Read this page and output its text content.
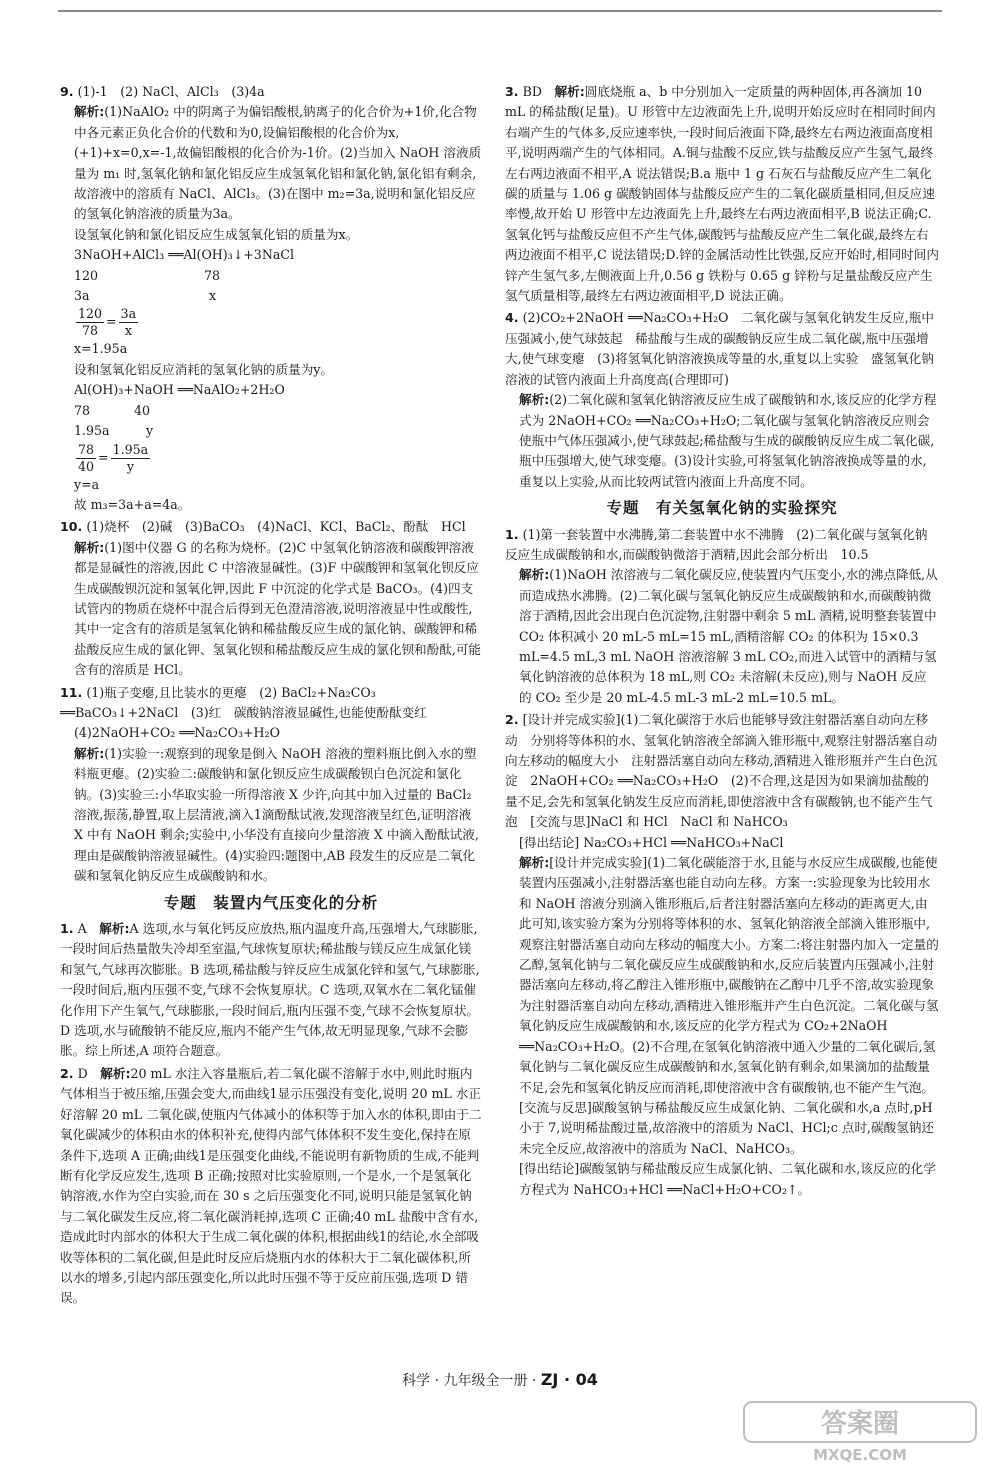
9. (1)-1　(2) NaCl、AlCl₃　(3)4a
解析:(1)NaAlO₂ 中的阴离子为偏铝酸根,钠离子的化合价为+1价,化合物中各元素正负化合价的代数和为0,设偏铝酸根的化合价为x,(+1)+x=0,x=-1,故偏铝酸根的化合价为-1价。(2)当加入 NaOH 溶液质量为 m₁ 时,氢氧化钠和氯化铝反应生成氢氧化铝和氯化钠,氯化铝有剩余,故溶液中的溶质有 NaCl、AlCl₃。(3)在图中 m₂=3a,说明和氯化铝反应的氢氧化钠溶液的质量为3a。
设氢氧化钠和氯化铝反应生成氢氧化铝的质量为x。
3NaOH+AlCl₃ ══Al(OH)₃↓+3NaCl
120	78
3a	x
$\frac{120}{78} = \frac{3a}{x}$
x=1.95a
设和氢氧化铝反应消耗的氢氧化钠的质量为y。
Al(OH)₃+NaOH ══NaAlO₂+2H₂O
78	40
1.95a	y
$\frac{78}{40} = \frac{1.95a}{y}$
y=a
故 m₃=3a+a=4a。
10. (1)烧杯　(2)碱　(3)BaCO₃　(4)NaCl、KCl、BaCl₂、酚酞　HCl
解析:(1)图中仪器 G 的名称为烧杯。(2)C 中氢氧化钠溶液和碳酸钾溶液都是显碱性的溶液,因此 C 中溶液显碱性。(3)F 中碳酸钾和氢氧化钡反应生成碳酸钡沉淀和氢氧化钾,因此 F 中沉淀的化学式是 BaCO₃。(4)四支试管内的物质在烧杯中混合后得到无色澄清溶液,说明溶液显中性或酸性,其中一定含有的溶质是氢氧化钠和稀盐酸反应生成的氯化钠、碳酸钾和稀盐酸反应生成的氯化钾、氢氧化钡和稀盐酸反应生成的氯化钡和酚酞,可能含有的溶质是 HCl。
11. (1)瓶子变瘪,且比装水的更瘪　(2) BaCl₂+Na₂CO₃ ══BaCO₃↓+2NaCl　(3)红　碳酸钠溶液显碱性,也能使酚酞变红
(4)2NaOH+CO₂ ══Na₂CO₃+H₂O
解析:(1)实验一:观察到的现象是倒入 NaOH 溶液的塑料瓶比倒入水的塑料瓶更瘪。(2)实验二:碳酸钠和氯化钡反应生成碳酸钡白色沉淀和氯化钠。(3)实验三:小华取实验一所得溶液 X 少许,向其中加入过量的 BaCl₂ 溶液,振荡,静置,取上层清液,滴入1滴酚酞试液,发现溶液呈红色,证明溶液 X 中有 NaOH 剩余;实验中,小华没有直接向少量溶液 X 中滴入酚酞试液,理由是碳酸钠溶液显碱性。(4)实验四:题图中,AB 段发生的反应是二氧化碳和氢氧化钠反应生成碳酸钠和水。
专题　装置内气压变化的分析
1. A　 解析:A 选项,水与氧化钙反应放热,瓶内温度升高,压强增大,气球膨胀,一段时间后热量散失冷却至室温,气球恢复原状;稀盐酸与镁反应生成氯化镁和氢气,气球再次膨胀。B 选项,稀盐酸与锌反应生成氯化锌和氢气,气球膨胀,一段时间后,瓶内压强不变,气球不会恢复原状。C 选项,双氧水在二氧化锰催化作用下产生氧气,气球膨胀,一段时间后,瓶内压强不变,气球不会恢复原状。D 选项,水与硫酸钠不能反应,瓶内不能产生气体,故无明显现象,气球不会膨胀。综上所述,A 项符合题意。
2. D　 解析:20 mL 水注入容量瓶后,若二氧化碳不溶解于水中,则此时瓶内气体相当于被压缩,压强会变大,而曲线1显示压强没有变化,说明 20 mL 水正好溶解 20 mL 二氧化碳,使瓶内气体减小的体积等于加入水的体积,即由于二氧化碳减少的体积由水的体积补充,使得内部气体体积不发生变化,保持在原条件下,选项 A 正确;曲线1是压强变化曲线,不能说明有新物质的生成,不能判断有化学反应发生,选项 B 正确;按照对比实验原则,一个是水,一个是氢氧化钠溶液,水作为空白实验,而在 30 s 之后压强变化不同,说明只能是氢氧化钠与二氧化碳发生反应,将二氧化碳消耗掉,选项 C 正确;40 mL 盐酸中含有水,造成此时内部水的体积大于生成二氧化碳的体积,根据曲线1的结论,水全部吸收等体积的二氧化碳,但是此时反应后烧瓶内水的体积大于二氧化碳体积,所以水的增多,引起内部压强变化,所以此时压强不等于反应前压强,选项 D 错误。
3. BD　 解析:圆底烧瓶 a、b 中分别加入一定质量的两种固体,再各滴加 10 mL 的稀盐酸(足量)。U 形管中左边液面先上升,说明开始反应时在相同时间内右端产生的气体多,反应速率快,一段时间后液面下降,最终左右两边液面高度相平,说明两端产生的气体相同。A.铜与盐酸不反应,铁与盐酸反应产生氢气,最终左右两边液面不相平,A 说法错误;B.a 瓶中 1 g 石灰石与盐酸反应产生二氧化碳的质量与 1.06 g 碳酸钠固体与盐酸反应产生的二氧化碳质量相同,但反应速率慢,故开始 U 形管中左边液面先上升,最终左右两边液面相平,B 说法正确;C.氢氧化钙与盐酸反应但不产生气体,碳酸钙与盐酸反应产生二氧化碳,最终左右两边液面不相平,C 说法错误;D.锌的金属活动性比铁强,反应开始时,相同时间内锌产生氢气多,左侧液面上升,0.56 g 铁粉与 0.65 g 锌粉与足量盐酸反应产生氢气质量相等,最终左右两边液面相平,D 说法正确。
4. (2)CO₂+2NaOH ══Na₂CO₃+H₂O　二氧化碳与氢氧化钠发生反应,瓶中压强减小,使气球鼓起　稀盐酸与生成的碳酸钠反应生成二氧化碳,瓶中压强增大,使气球变瘪　(3)将氢氧化钠溶液换成等量的水,重复以上实验　盛氢氧化钠溶液的试管内液面上升高度高(合理即可)
解析:(2)二氧化碳和氢氧化钠溶液反应生成了碳酸钠和水,该反应的化学方程式为 2NaOH+CO₂ ══Na₂CO₃+H₂O;二氧化碳与氢氧化钠溶液反应则会使瓶中气体压强减小,使气球鼓起;稀盐酸与生成的碳酸钠反应生成二氧化碳,瓶中压强增大,使气球变瘪。(3)设计实验,可将氢氧化钠溶液换成等量的水,重复以上实验,从而比较两试管内液面上升高度不同。
专题　有关氢氧化钠的实验探究
1. (1)第一套装置中水沸腾,第二套装置中水不沸腾　(2)二氧化碳与氢氧化钠反应生成碳酸钠和水,而碳酸钠微溶于酒精,因此会部分析出　10.5
解析:(1)NaOH 浓溶液与二氧化碳反应,使装置内气压变小,水的沸点降低,从而造成热水沸腾。(2)二氧化碳与氢氧化钠反应生成碳酸钠和水,而碳酸钠微溶于酒精,因此会出现白色沉淀物,注射器中剩余 5 mL 酒精,说明整套装置中 CO₂ 体积减小 20 mL-5 mL=15 mL,酒精溶解 CO₂ 的体积为 15×0.3 mL=4.5 mL,3 mL NaOH 溶液溶解 3 mL CO₂,而进入试管中的酒精与氢氧化钠溶液的总体积为 18 mL,则 CO₂ 未溶解(未反应),则与 NaOH 反应的 CO₂ 至少是 20 mL-4.5 mL-3 mL-2 mL=10.5 mL。
2. [设计并完成实验](1)二氧化碳溶于水后也能够导致注射器活塞自动向左移动　分别将等体积的水、氢氧化钠溶液全部滴入锥形瓶中,观察注射器活塞自动向左移动的幅度大小　注射器活塞自动向左移动,酒精进入锥形瓶并产生白色沉淀　2NaOH+CO₂ ══Na₂CO₃+H₂O　(2)不合理,这是因为如果滴加盐酸的量不足,会先和氢氧化钠发生反应而消耗,即使溶液中含有碳酸钠,也不能产生气泡　[交流与思]NaCl 和 HCl　NaCl 和 NaHCO₃
[得出结论] Na₂CO₃+HCl ══NaHCO₃+NaCl
解析:[设计并完成实验](1)二氧化碳能溶于水,且能与水反应生成碳酸,也能使装置内压强减小,注射器活塞也能自动向左移。方案一:实验现象为比较用水和 NaOH 溶液分别滴入锥形瓶后,后者注射器活塞向左移动的距离更大,由此可知,该实验方案为分别将等体积的水、氢氧化钠溶液全部滴入锥形瓶中,观察注射器活塞自动向左移动的幅度大小。方案二:将注射器内加入一定量的乙醇,氢氧化钠与二氧化碳反应生成碳酸钠和水,反应后装置内压强减小,注射器活塞向左移动,将乙醇注入锥形瓶中,碳酸钠在乙醇中几乎不溶,故实验现象为注射器活塞自动向左移动,酒精进入锥形瓶并产生白色沉淀。二氧化碳与氢氧化钠反应生成碳酸钠和水,该反应的化学方程式为 CO₂+2NaOH ══Na₂CO₃+H₂O。(2)不合理,在氢氧化钠溶液中通入少量的二氧化碳后,氢氧化钠与二氧化碳反应生成碳酸钠和水,氢氧化钠有剩余,如果滴加的盐酸量不足,会先和氢氧化钠反应而消耗,即使溶液中含有碳酸钠,也不能产生气泡。
[交流与反思]碳酸氢钠与稀盐酸反应生成氯化钠、二氧化碳和水,a 点时,pH 小于 7,说明稀盐酸过量,故溶液中的溶质为 NaCl、HCl;c 点时,碳酸氢钠还未完全反应,故溶液中的溶质为 NaCl、NaHCO₃。
[得出结论]碳酸氢钠与稀盐酸反应生成氯化钠、二氧化碳和水,该反应的化学方程式为 NaHCO₃+HCl ══NaCl+H₂O+CO₂↑。
科学 · 九年级全一册 · ZJ · 04
答案圈
MXQE.COM
